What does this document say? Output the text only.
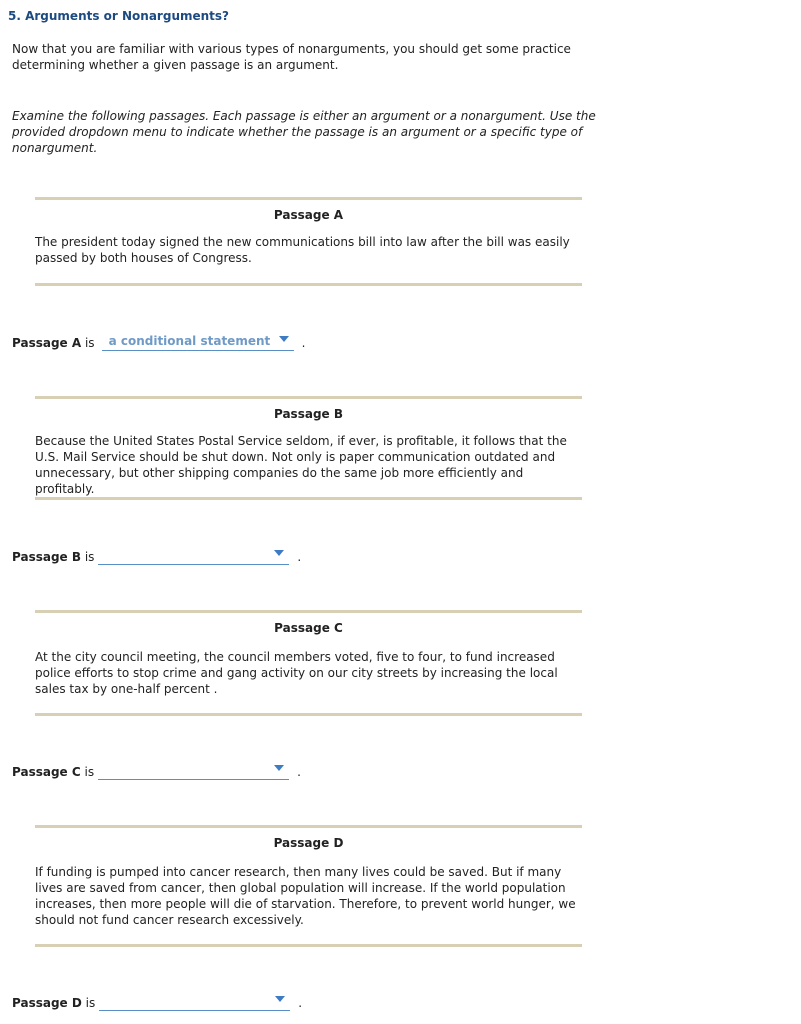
5. Arguments or Nonarguments?

Now that you are familiar with various types of nonarguments, you should get some practice determining whether a given passage is an argument.

Examine the following passages. Each passage is either an argument or a nonargument. Use the provided dropdown menu to indicate whether the passage is an argument or a specific type of nonargument.

Passage A

The president today signed the new communications bill into law after the bill was easily passed by both houses of Congress.

Passage A is a conditional statement	.

Passage B

Because the United States Postal Service seldom, if ever, is profitable, it follows that the U.S. Mail Service should be shut down. Not only is paper communication outdated and unnecessary, but other shipping companies do the same job more efficiently and profitably.

Passage B is	.

Passage C

At the city council meeting, the council members voted, five to four, to fund increased police efforts to stop crime and gang activity on our city streets by increasing the local sales tax by one-half percent .

Passage C is	.

Passage D

If funding is pumped into cancer research, then many lives could be saved. But if many lives are saved from cancer, then global population will increase. If the world population increases, then more people will die of starvation. Therefore, to prevent world hunger, we should not fund cancer research excessively.

Passage D is	.
